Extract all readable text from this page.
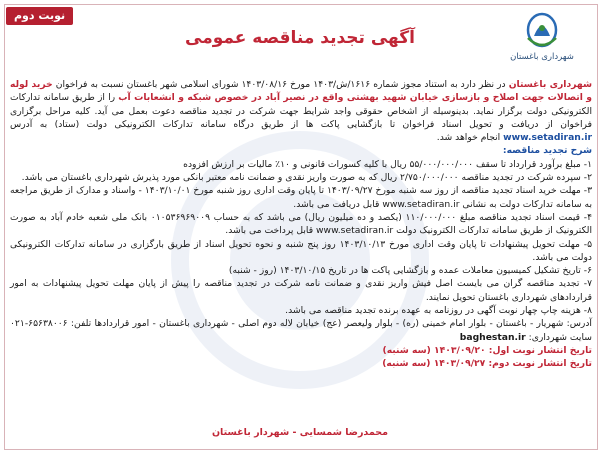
نوبت دوم
آگهی تجدید مناقصه عمومی
شهرداری باغستان

شهرداری باغستان در نظر دارد به استناد مجوز شماره ۱۶۱۶/ش/۱۴۰۳ مورخ ۱۴۰۳/۰۸/۱۶ شورای اسلامی شهر باغستان نسبت به فراخوان خرید لوله و اتصالات جهت اصلاح و بازسازی خیابان شهید بهشتی واقع در نصیر آباد در خصوص شبکه و انشعابات آب را از طریق سامانه تدارکات الکترونیکی دولت برگزار نماید. بدینوسیله از اشخاص حقوقی واجد شرایط جهت شرکت در تجدید مناقصه دعوت بعمل می آید. کلیه مراحل برگزاری فراخوان از دریافت و تحویل اسناد فراخوان تا بازگشایی پاکت ها از طریق درگاه سامانه تدارکات الکترونیکی دولت (ستاد) به آدرس www.setadiran.ir انجام خواهد شد.

شرح تجدید مناقصه:

۱- مبلغ برآورد قرارداد تا سقف ۵۵/۰۰۰/۰۰۰/۰۰۰ ریال با کلیه کسورات قانونی و ۱۰٪ مالیات بر ارزش افزوده

۲- سپرده شرکت در تجدید مناقصه ۲/۷۵۰/۰۰۰/۰۰۰ ریال که به صورت واریز نقدی و ضمانت نامه معتبر بانکی مورد پذیرش شهرداری باغستان می باشد.

۳- مهلت خرید اسناد تجدید مناقصه از روز سه شنبه مورخ ۱۴۰۳/۰۹/۲۷ تا پایان وقت اداری روز شنبه مورخ ۱۴۰۳/۱۰/۰۱ - واسناد و مدارک از طریق مراجعه به سامانه تدارکات دولت به نشانی www.setadiran.ir قابل دریافت می باشد.

۴- قیمت اسناد تجدید مناقصه مبلغ ۱۱۰/۰۰۰/۰۰۰ (یکصد و ده میلیون ریال) می باشد که به حساب ۰۱۰۵۳۶۹۶۹۰۰۹ بانک ملی شعبه خادم آباد به صورت الکترونیک از طریق سامانه تدارکات الکترونیک دولت www.setadiran.ir قابل پرداخت می باشد.

۵- مهلت تحویل پیشنهادات تا پایان وقت اداری مورخ ۱۴۰۳/۱۰/۱۳ روز پنج شنبه و نحوه تحویل اسناد از طریق بارگزاری در سامانه تدارکات الکترونیکی دولت می باشد.

۶- تاریخ تشکیل کمیسیون معاملات عمده و بازگشایی پاکت ها در تاریخ ۱۴۰۳/۱۰/۱۵ (روز - شنبه)

۷- تجدید مناقصه گران می بایست اصل فیش واریز نقدی و ضمانت نامه شرکت در تجدید مناقصه را پیش از پایان مهلت تحویل پیشنهادات به امور قراردادهای شهرداری باغستان تحویل نمایند.

۸- هزینه چاپ چهار نوبت آگهی در روزنامه به عهده برنده تجدید مناقصه می باشد.

آدرس: شهریار - باغستان - بلوار امام خمینی (ره) - بلوار ولیعصر (عج) خیابان لاله دوم اصلی - شهرداری باغستان - امور قراردادها تلفن: ۶۵۶۳۸۰۰۶-۰۲۱ سایت شهرداری: baghestan.ir

تاریخ انتشار نوبت اول: ۱۴۰۳/۰۹/۲۰ (سه شنبه)

تاریخ انتشار نوبت دوم: ۱۴۰۳/۰۹/۲۷ (سه شنبه)

محمدرضا شمسایی - شهردار باغستان
